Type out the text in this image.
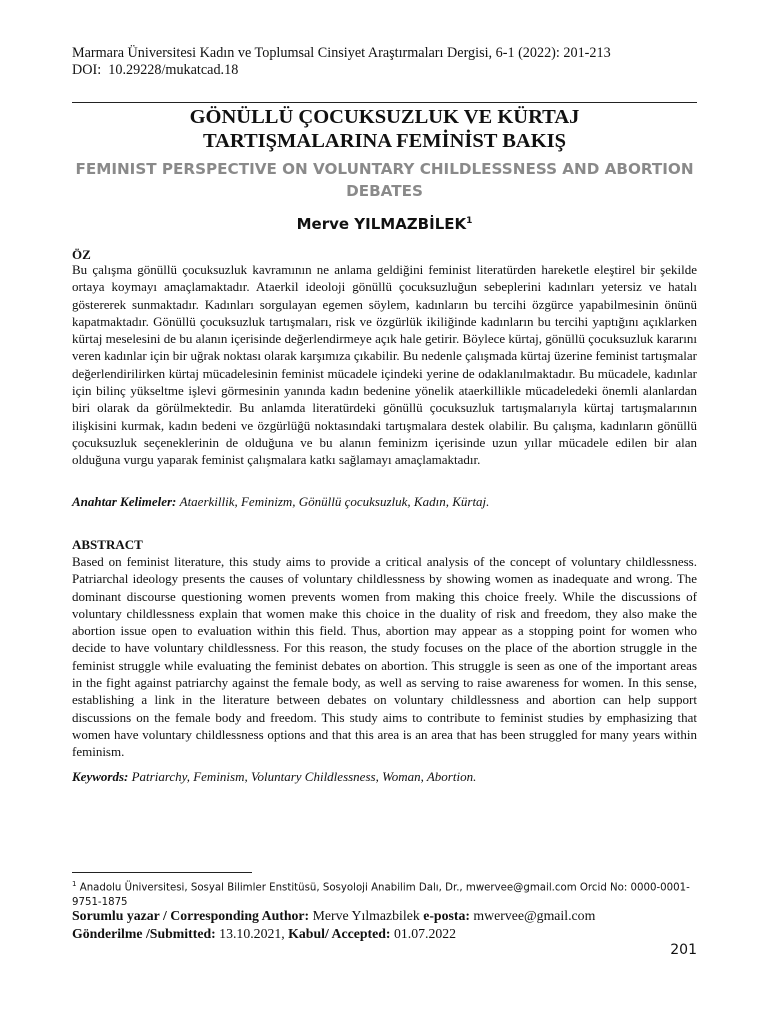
Marmara Üniversitesi Kadın ve Toplumsal Cinsiyet Araştırmaları Dergisi, 6-1 (2022): 201-213
DOI: 10.29228/mukatcad.18
GÖNÜLLÜ ÇOCUKSUZLUK VE KÜRTAJ
TARTIŞMALARINA FEMİNİST BAKIŞ
FEMINIST PERSPECTIVE ON VOLUNTARY CHILDLESSNESS AND ABORTION DEBATES
Merve YILMAZBİLEK$^1$
ÖZ
Bu çalışma gönüllü çocuksuzluk kavramının ne anlama geldiğini feminist literatürden hareketle eleştirel bir şekilde ortaya koymayı amaçlamaktadır. Ataerkil ideoloji gönüllü çocuksuzluğun sebeplerini kadınları yetersiz ve hatalı göstererek sunmaktadır. Kadınları sorgulayan egemen söylem, kadınların bu tercihi özgürce yapabilmesinin önünü kapatmaktadır. Gönüllü çocuksuzluk tartışmaları, risk ve özgürlük ikiliğinde kadınların bu tercihi yaptığını açıklarken kürtaj meselesini de bu alanın içerisinde değerlendirmeye açık hale getirir. Böylece kürtaj, gönüllü çocuksuzluk kararını veren kadınlar için bir uğrak noktası olarak karşımıza çıkabilir. Bu nedenle çalışmada kürtaj üzerine feminist tartışmalar değerlendirilirken kürtaj mücadelesinin feminist mücadele içindeki yerine de odaklanılmaktadır. Bu mücadele, kadınlar için bilinç yükseltme işlevi görmesinin yanında kadın bedenine yönelik ataerkillikle mücadeledeki önemli alanlardan biri olarak da görülmektedir. Bu anlamda literatürdeki gönüllü çocuksuzluk tartışmalarıyla kürtaj tartışmalarının ilişkisini kurmak, kadın bedeni ve özgürlüğü noktasındaki tartışmalara destek olabilir. Bu çalışma, kadınların gönüllü çocuksuzluk seçeneklerinin de olduğuna ve bu alanın feminizm içerisinde uzun yıllar mücadele edilen bir alan olduğuna vurgu yaparak feminist çalışmalara katkı sağlamayı amaçlamaktadır.
Anahtar Kelimeler: Ataerkillik, Feminizm, Gönüllü çocuksuzluk, Kadın, Kürtaj.
ABSTRACT
Based on feminist literature, this study aims to provide a critical analysis of the concept of voluntary childlessness. Patriarchal ideology presents the causes of voluntary childlessness by showing women as inadequate and wrong. The dominant discourse questioning women prevents women from making this choice freely. While the discussions of voluntary childlessness explain that women make this choice in the duality of risk and freedom, they also make the abortion issue open to evaluation within this field. Thus, abortion may appear as a stopping point for women who decide to have voluntary childlessness. For this reason, the study focuses on the place of the abortion struggle in the feminist struggle while evaluating the feminist debates on abortion. This struggle is seen as one of the important areas in the fight against patriarchy against the female body, as well as serving to raise awareness for women. In this sense, establishing a link in the literature between debates on voluntary childlessness and abortion can help support discussions on the female body and freedom. This study aims to contribute to feminist studies by emphasizing that women have voluntary childlessness options and that this area is an area that has been struggled for many years within feminism.
Keywords: Patriarchy, Feminism, Voluntary Childlessness, Woman, Abortion.
$^1$ Anadolu Üniversitesi, Sosyal Bilimler Enstitüsü, Sosyoloji Anabilim Dalı, Dr., mwervee@gmail.com Orcid No: 0000-0001-9751-1875
Sorumlu yazar / Corresponding Author: Merve Yılmazbilek e-posta: mwervee@gmail.com
Gönderilme /Submitted: 13.10.2021, Kabul/ Accepted: 01.07.2022
201
